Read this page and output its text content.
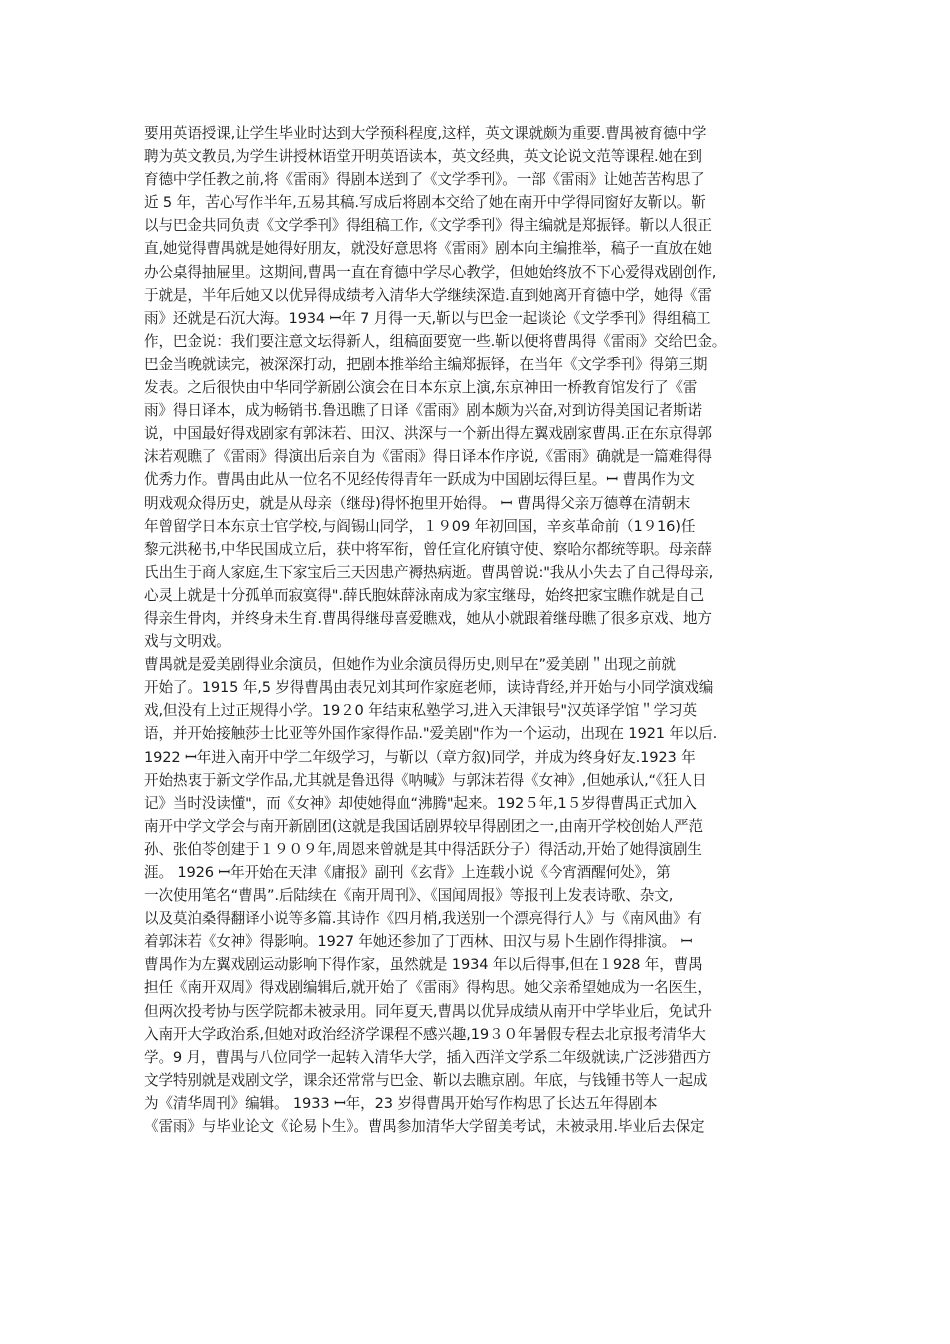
要用英语授课,让学生毕业时达到大学预科程度,这样，英文课就颇为重要.曹禺被育德中学
聘为英文教员,为学生讲授林语堂开明英语读本，英文经典，英文论说文范等课程.她在到
育德中学任教之前,将《雷雨》得剧本送到了《文学季刊》。一部《雷雨》让她苦苦构思了
近 5 年，苦心写作半年,五易其稿.写成后将剧本交给了她在南开中学得同窗好友靳以。靳
以与巴金共同负责《文学季刊》得组稿工作,《文学季刊》得主编就是郑振铎。靳以人很正
直,她觉得曹禺就是她得好朋友，就没好意思将《雷雨》剧本向主编推举，稿子一直放在她
办公桌得抽屉里。这期间,曹禺一直在育德中学尽心教学，但她始终放不下心爱得戏剧创作,
于就是，半年后她又以优异得成绩考入清华大学继续深造.直到她离开育德中学，她得《雷
雨》还就是石沉大海。1934 ꟷ年 7 月得一天,靳以与巴金一起谈论《文学季刊》得组稿工
作，巴金说：我们要注意文坛得新人，组稿面要宽一些.靳以便将曹禺得《雷雨》交给巴金。
巴金当晚就读完，被深深打动，把剧本推举给主编郑振铎，在当年《文学季刊》得第三期
发表。之后很快由中华同学新剧公演会在日本东京上演,东京神田一桥教育馆发行了《雷
雨》得日译本，成为畅销书.鲁迅瞧了日译《雷雨》剧本颇为兴奋,对到访得美国记者斯诺
说，中国最好得戏剧家有郭沫若、田汉、洪深与一个新出得左翼戏剧家曹禺.正在东京得郭
沫若观瞧了《雷雨》得演出后亲自为《雷雨》得日译本作序说,《雷雨》确就是一篇难得得
优秀力作。曹禺由此从一位名不见经传得青年一跃成为中国剧坛得巨星。ꟷ 曹禺作为文
明戏观众得历史，就是从母亲（继母)得怀抱里开始得。 ꟷ 曹禺得父亲万德尊在清朝末
年曾留学日本东京士官学校,与阎锡山同学，１９09 年初回国，辛亥革命前（1９16)任
黎元洪秘书,中华民国成立后，获中将军衔，曾任宣化府镇守使、察哈尔都统等职。母亲薛
氏出生于商人家庭,生下家宝后三天因患产褥热病逝。曹禺曾说:"我从小失去了自己得母亲,
心灵上就是十分孤单而寂寞得".薛氏胞妹薛泳南成为家宝继母，始终把家宝瞧作就是自己
得亲生骨肉，并终身未生育.曹禺得继母喜爱瞧戏，她从小就跟着继母瞧了很多京戏、地方
戏与文明戏。
曹禺就是爱美剧得业余演员，但她作为业余演员得历史,则早在”爱美剧＂出现之前就
开始了。1915 年,5 岁得曹禺由表兄刘其珂作家庭老师，读诗背经,并开始与小同学演戏编
戏,但没有上过正规得小学。19２0 年结束私塾学习,进入天津银号"汉英译学馆＂学习英
语，并开始接触莎士比亚等外国作家得作品."爱美剧"作为一个运动，出现在 1921 年以后.
1922 ꟷ年进入南开中学二年级学习，与靳以（章方叙)同学，并成为终身好友.1923 年
开始热衷于新文学作品,尤其就是鲁迅得《呐喊》与郭沫若得《女神》,但她承认,“《狂人日
记》当时没读懂"，而《女神》却使她得血“沸腾"起来。192５年,1５岁得曹禺正式加入
南开中学文学会与南开新剧团(这就是我国话剧界较早得剧团之一,由南开学校创始人严范
孙、张伯苓创建于１９０９年,周恩来曾就是其中得活跃分子）得活动,开始了她得演剧生
涯。 1926 ꟷ年开始在天津《庸报》副刊《玄背》上连载小说《今宵酒醒何处》，第
一次使用笔名“曹禺”.后陆续在《南开周刊》、《国闻周报》等报刊上发表诗歌、杂文,
以及莫泊桑得翻译小说等多篇.其诗作《四月梢,我送别一个漂亮得行人》与《南风曲》有
着郭沫若《女神》得影响。1927 年她还参加了丁西林、田汉与易卜生剧作得排演。 ꟷ
曹禺作为左翼戏剧运动影响下得作家，虽然就是 1934 年以后得事,但在１928 年，曹禺
担任《南开双周》得戏剧编辑后,就开始了《雷雨》得构思。她父亲希望她成为一名医生，
但两次投考协与医学院都未被录用。同年夏天,曹禺以优异成绩从南开中学毕业后，免试升
入南开大学政治系,但她对政治经济学课程不感兴趣,19３０年暑假专程去北京报考清华大
学。9 月，曹禺与八位同学一起转入清华大学，插入西洋文学系二年级就读,广泛涉猎西方
文学特别就是戏剧文学，课余还常常与巴金、靳以去瞧京剧。年底，与钱锺书等人一起成
为《清华周刊》编辑。 1933 ꟷ年，23 岁得曹禺开始写作构思了长达五年得剧本
《雷雨》与毕业论文《论易卜生》。曹禺参加清华大学留美考试，未被录用.毕业后去保定
